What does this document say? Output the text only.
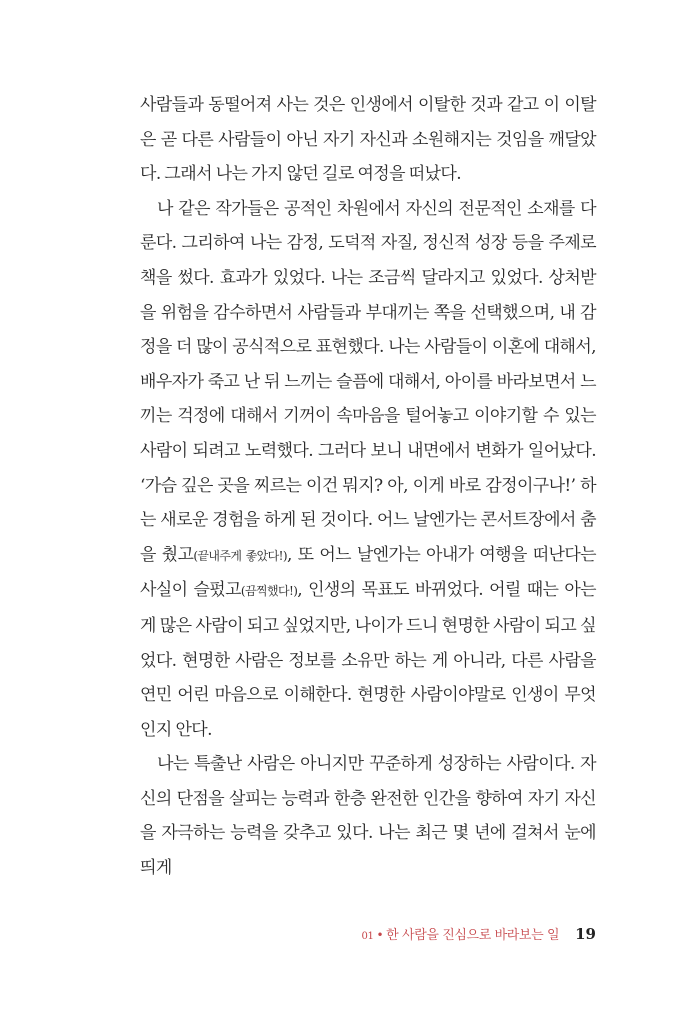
사람들과 동떨어져 사는 것은 인생에서 이탈한 것과 같고 이 이탈은 곧 다른 사람들이 아닌 자기 자신과 소원해지는 것임을 깨달았다. 그래서 나는 가지 않던 길로 여정을 떠났다.

나 같은 작가들은 공적인 차원에서 자신의 전문적인 소재를 다룬다. 그리하여 나는 감정, 도덕적 자질, 정신적 성장 등을 주제로 책을 썼다. 효과가 있었다. 나는 조금씩 달라지고 있었다. 상처받을 위험을 감수하면서 사람들과 부대끼는 쪽을 선택했으며, 내 감정을 더 많이 공식적으로 표현했다. 나는 사람들이 이혼에 대해서, 배우자가 죽고 난 뒤 느끼는 슬픔에 대해서, 아이를 바라보면서 느끼는 걱정에 대해서 기꺼이 속마음을 털어놓고 이야기할 수 있는 사람이 되려고 노력했다. 그러다 보니 내면에서 변화가 일어났다. ‘가슴 깊은 곳을 찌르는 이건 뭐지? 아, 이게 바로 감정이구나!’ 하는 새로운 경험을 하게 된 것이다. 어느 날엔가는 콘서트장에서 춤을 췄고(끝내주게 좋았다!), 또 어느 날엔가는 아내가 여행을 떠난다는 사실이 슬펐고(끔찍했다!), 인생의 목표도 바뀌었다. 어릴 때는 아는 게 많은 사람이 되고 싶었지만, 나이가 드니 현명한 사람이 되고 싶었다. 현명한 사람은 정보를 소유만 하는 게 아니라, 다른 사람을 연민 어린 마음으로 이해한다. 현명한 사람이야말로 인생이 무엇인지 안다.

나는 특출난 사람은 아니지만 꾸준하게 성장하는 사람이다. 자신의 단점을 살피는 능력과 한층 완전한 인간을 향하여 자기 자신을 자극하는 능력을 갖추고 있다. 나는 최근 몇 년에 걸쳐서 눈에 띄게

01 • 한 사람을 진심으로 바라보는 일 19
